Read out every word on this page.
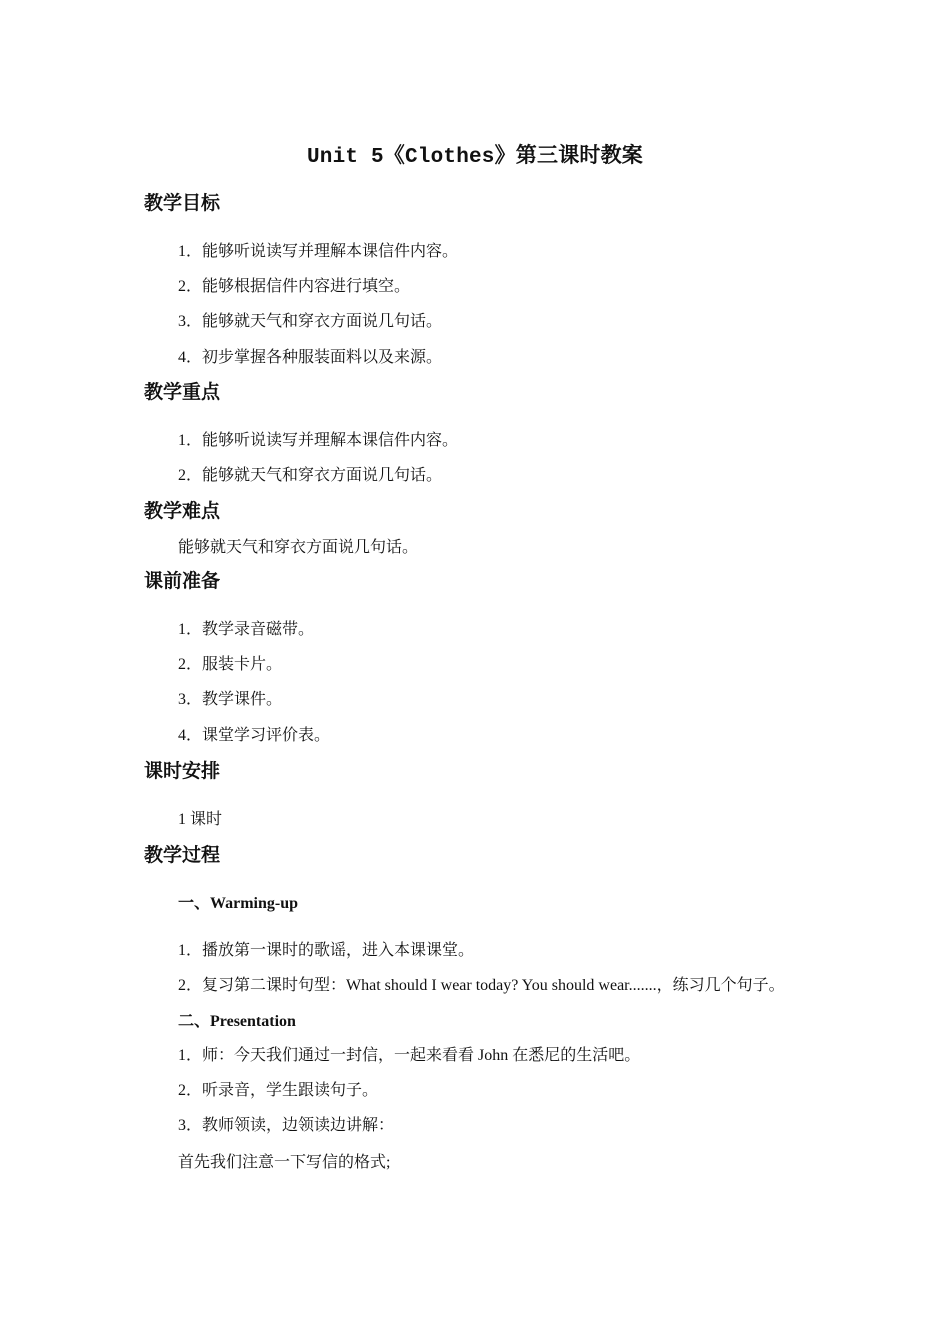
Unit 5《Clothes》第三课时教案
教学目标
1．能够听说读写并理解本课信件内容。
2．能够根据信件内容进行填空。
3．能够就天气和穿衣方面说几句话。
4．初步掌握各种服装面料以及来源。
教学重点
1．能够听说读写并理解本课信件内容。
2．能够就天气和穿衣方面说几句话。
教学难点
能够就天气和穿衣方面说几句话。
课前准备
1．教学录音磁带。
2．服装卡片。
3．教学课件。
4．课堂学习评价表。
课时安排
1 课时
教学过程
一、Warming-up
1．播放第一课时的歌谣，进入本课课堂。
2．复习第二课时句型：What should I wear today? You should wear.......，练习几个句子。
二、Presentation
1．师：今天我们通过一封信，一起来看看 John 在悉尼的生活吧。
2．听录音，学生跟读句子。
3．教师领读，边领读边讲解：
首先我们注意一下写信的格式;
